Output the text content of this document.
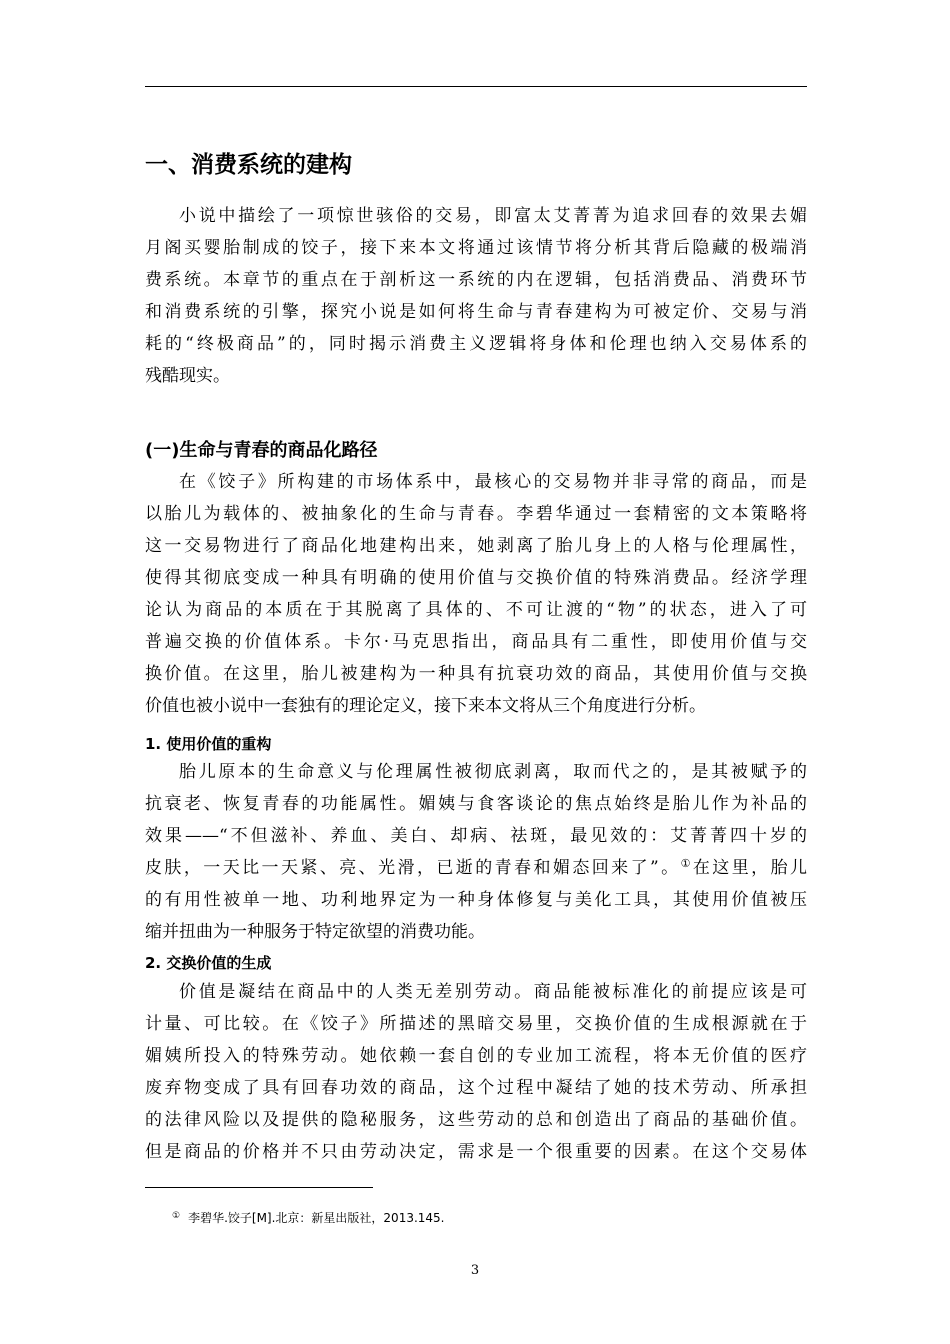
一、消费系统的建构
小说中描绘了一项惊世骇俗的交易，即富太艾菁菁为追求回春的效果去媚
月阁买婴胎制成的饺子，接下来本文将通过该情节将分析其背后隐藏的极端消
费系统。本章节的重点在于剖析这一系统的内在逻辑，包括消费品、消费环节
和消费系统的引擎，探究小说是如何将生命与青春建构为可被定价、交易与消
耗的“终极商品”的，同时揭示消费主义逻辑将身体和伦理也纳入交易体系的
残酷现实。
(一)生命与青春的商品化路径
在《饺子》所构建的市场体系中，最核心的交易物并非寻常的商品，而是
以胎儿为载体的、被抽象化的生命与青春。李碧华通过一套精密的文本策略将
这一交易物进行了商品化地建构出来，她剥离了胎儿身上的人格与伦理属性，
使得其彻底变成一种具有明确的使用价值与交换价值的特殊消费品。经济学理
论认为商品的本质在于其脱离了具体的、不可让渡的“物”的状态，进入了可
普遍交换的价值体系。卡尔·马克思指出，商品具有二重性，即使用价值与交
换价值。在这里，胎儿被建构为一种具有抗衰功效的商品，其使用价值与交换
价值也被小说中一套独有的理论定义，接下来本文将从三个角度进行分析。
1. 使用价值的重构
胎儿原本的生命意义与伦理属性被彻底剥离，取而代之的，是其被赋予的
抗衰老、恢复青春的功能属性。媚姨与食客谈论的焦点始终是胎儿作为补品的
效果——“不但滋补、养血、美白、却病、祛斑，最见效的：艾菁菁四十岁的
皮肤，一天比一天紧、亮、光滑，已逝的青春和媚态回来了”。①在这里，胎儿
的有用性被单一地、功利地界定为一种身体修复与美化工具，其使用价值被压
缩并扭曲为一种服务于特定欲望的消费功能。
2. 交换价值的生成
价值是凝结在商品中的人类无差别劳动。商品能被标准化的前提应该是可
计量、可比较。在《饺子》所描述的黑暗交易里，交换价值的生成根源就在于
媚姨所投入的特殊劳动。她依赖一套自创的专业加工流程，将本无价值的医疗
废弃物变成了具有回春功效的商品，这个过程中凝结了她的技术劳动、所承担
的法律风险以及提供的隐秘服务，这些劳动的总和创造出了商品的基础价值。
但是商品的价格并不只由劳动决定，需求是一个很重要的因素。在这个交易体
① 李碧华.饺子[M].北京：新星出版社，2013.145.
3
